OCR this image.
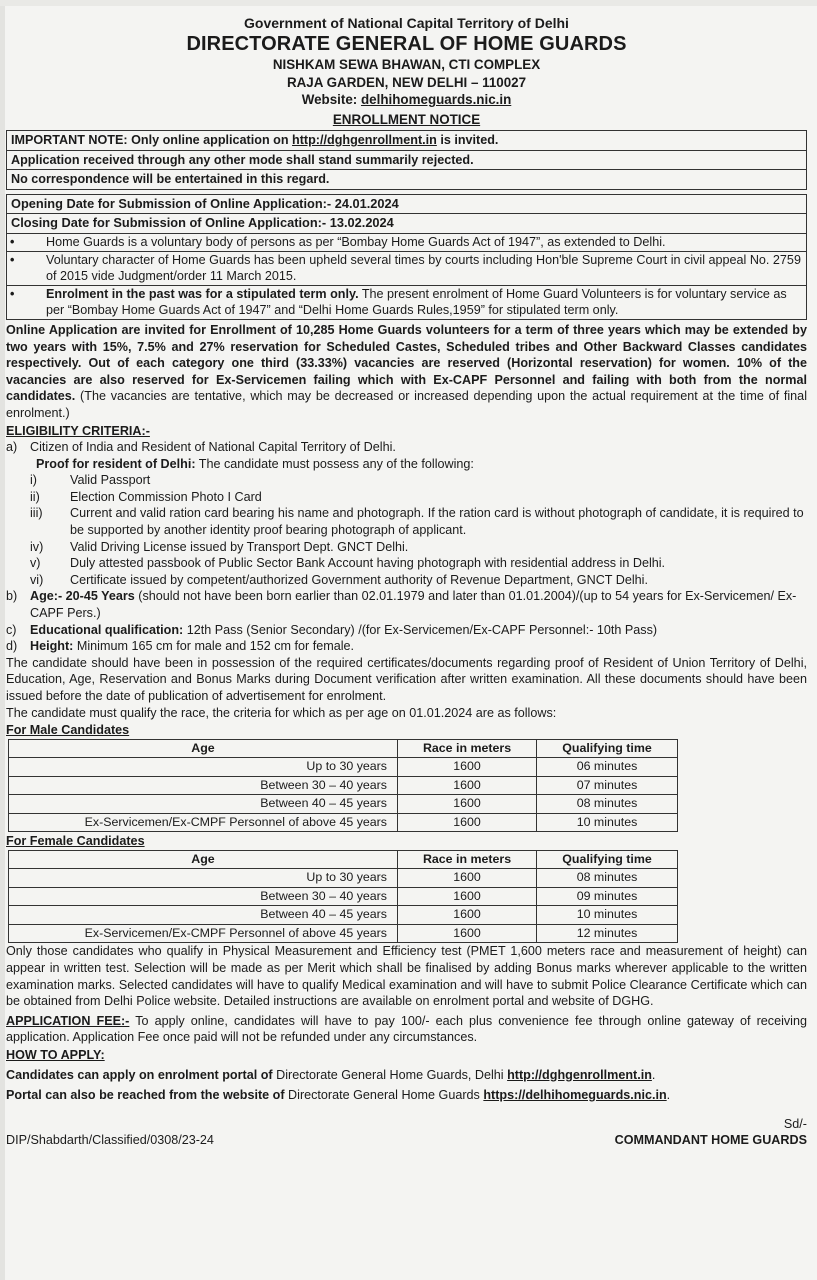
Government of National Capital Territory of Delhi
DIRECTORATE GENERAL OF HOME GUARDS
NISHKAM SEWA BHAWAN, CTI COMPLEX
RAJA GARDEN, NEW DELHI – 110027
Website: delhihomeguards.nic.in
ENROLLMENT NOTICE
IMPORTANT NOTE: Only online application on http://dghgenrollment.in is invited.
Application received through any other mode shall stand summarily rejected.
No correspondence will be entertained in this regard.
Opening Date for Submission of Online Application:- 24.01.2024
Closing Date for Submission of Online Application:- 13.02.2024
•	Home Guards is a voluntary body of persons as per “Bombay Home Guards Act of 1947”, as extended to Delhi.
•	Voluntary character of Home Guards has been upheld several times by courts including Hon'ble Supreme Court in civil appeal No. 2759 of 2015 vide Judgment/order 11 March 2015.
•	Enrolment in the past was for a stipulated term only. The present enrolment of Home Guard Volunteers is for voluntary service as per “Bombay Home Guards Act of 1947” and “Delhi Home Guards Rules,1959” for stipulated term only.

Online Application are invited for Enrollment of 10,285 Home Guards volunteers for a term of three years which may be extended by two years with 15%, 7.5% and 27% reservation for Scheduled Castes, Scheduled tribes and Other Backward Classes candidates respectively. Out of each category one third (33.33%) vacancies are reserved (Horizontal reservation) for women. 10% of the vacancies are also reserved for Ex-Servicemen failing which with Ex-CAPF Personnel and failing with both from the normal candidates. (The vacancies are tentative, which may be decreased or increased depending upon the actual requirement at the time of final enrolment.)

ELIGIBILITY CRITERIA:-
a)	Citizen of India and Resident of National Capital Territory of Delhi.
Proof for resident of Delhi: The candidate must possess any of the following:
i)	Valid Passport
ii)	Election Commission Photo I Card
iii)	Current and valid ration card bearing his name and photograph. If the ration card is without photograph of candidate, it is required to be supported by another identity proof bearing photograph of applicant.
iv)	Valid Driving License issued by Transport Dept. GNCT Delhi.
v)	Duly attested passbook of Public Sector Bank Account having photograph with residential address in Delhi.
vi)	Certificate issued by competent/authorized Government authority of Revenue Department, GNCT Delhi.
b)	Age:- 20-45 Years (should not have been born earlier than 02.01.1979 and later than 01.01.2004)/(up to 54 years for Ex-Servicemen/ Ex-CAPF Pers.)
c)	Educational qualification: 12th Pass (Senior Secondary) /(for Ex-Servicemen/Ex-CAPF Personnel:- 10th Pass)
d)	Height: Minimum 165 cm for male and 152 cm for female.

The candidate should have been in possession of the required certificates/documents regarding proof of Resident of Union Territory of Delhi, Education, Age, Reservation and Bonus Marks during Document verification after written examination. All these documents should have been issued before the date of publication of advertisement for enrolment.

The candidate must qualify the race, the criteria for which as per age on 01.01.2024 are as follows:

For Male Candidates
Age	Race in meters	Qualifying time
Up to 30 years	1600	06 minutes
Between 30 – 40 years	1600	07 minutes
Between 40 – 45 years	1600	08 minutes
Ex-Servicemen/Ex-CMPF Personnel of above 45 years	1600	10 minutes
For Female Candidates
Age	Race in meters	Qualifying time
Up to 30 years	1600	08 minutes
Between 30 – 40 years	1600	09 minutes
Between 40 – 45 years	1600	10 minutes
Ex-Servicemen/Ex-CMPF Personnel of above 45 years	1600	12 minutes

Only those candidates who qualify in Physical Measurement and Efficiency test (PMET 1,600 meters race and measurement of height) can appear in written test. Selection will be made as per Merit which shall be finalised by adding Bonus marks wherever applicable to the written examination marks. Selected candidates will have to qualify Medical examination and will have to submit Police Clearance Certificate which can be obtained from Delhi Police website. Detailed instructions are available on enrolment portal and website of DGHG.

APPLICATION FEE:- To apply online, candidates will have to pay 100/- each plus convenience fee through online gateway of receiving application. Application Fee once paid will not be refunded under any circumstances.

HOW TO APPLY:

Candidates can apply on enrolment portal of Directorate General Home Guards, Delhi http://dghgenrollment.in.

Portal can also be reached from the website of Directorate General Home Guards https://delhihomeguards.nic.in.

DIP/Shabdarth/Classified/0308/23-24
Sd/-
COMMANDANT HOME GUARDS
